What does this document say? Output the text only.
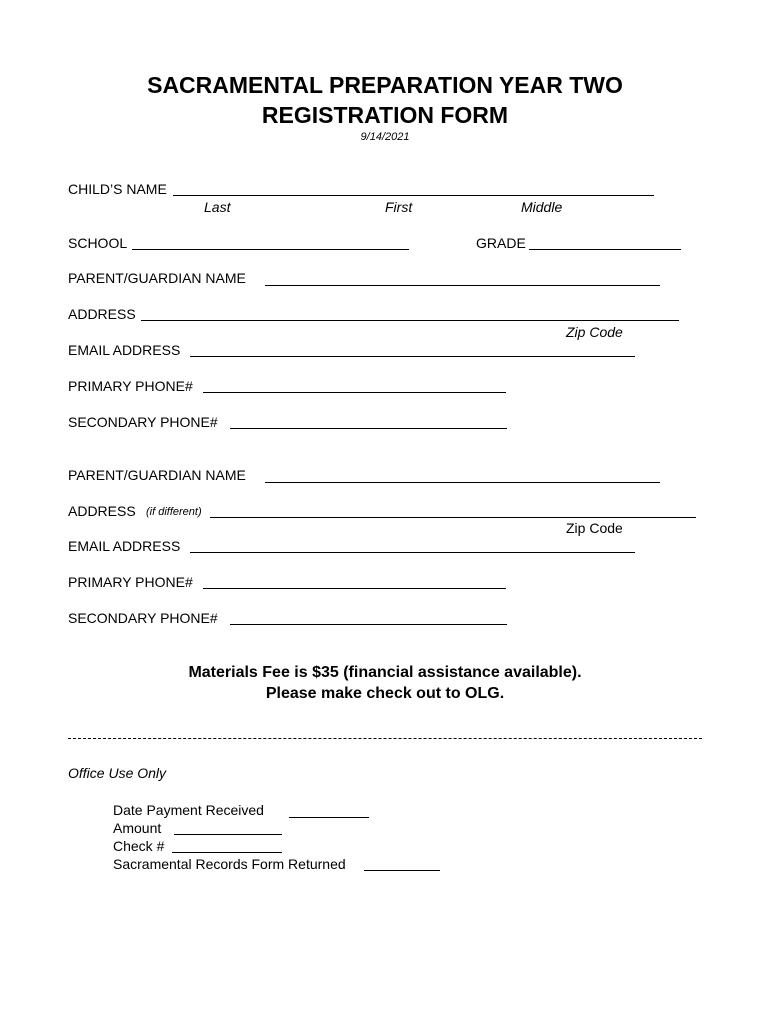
SACRAMENTAL PREPARATION YEAR TWO
REGISTRATION FORM
9/14/2021
CHILD’S NAME
Last	First	Middle
SCHOOL	GRADE
PARENT/GUARDIAN NAME
ADDRESS
Zip Code
EMAIL ADDRESS
PRIMARY PHONE#
SECONDARY PHONE#
PARENT/GUARDIAN NAME
ADDRESS (if different)
Zip Code
EMAIL ADDRESS
PRIMARY PHONE#
SECONDARY PHONE#
Materials Fee is $35 (financial assistance available).
Please make check out to OLG.
Office Use Only
Date Payment Received
Amount
Check #
Sacramental Records Form Returned
